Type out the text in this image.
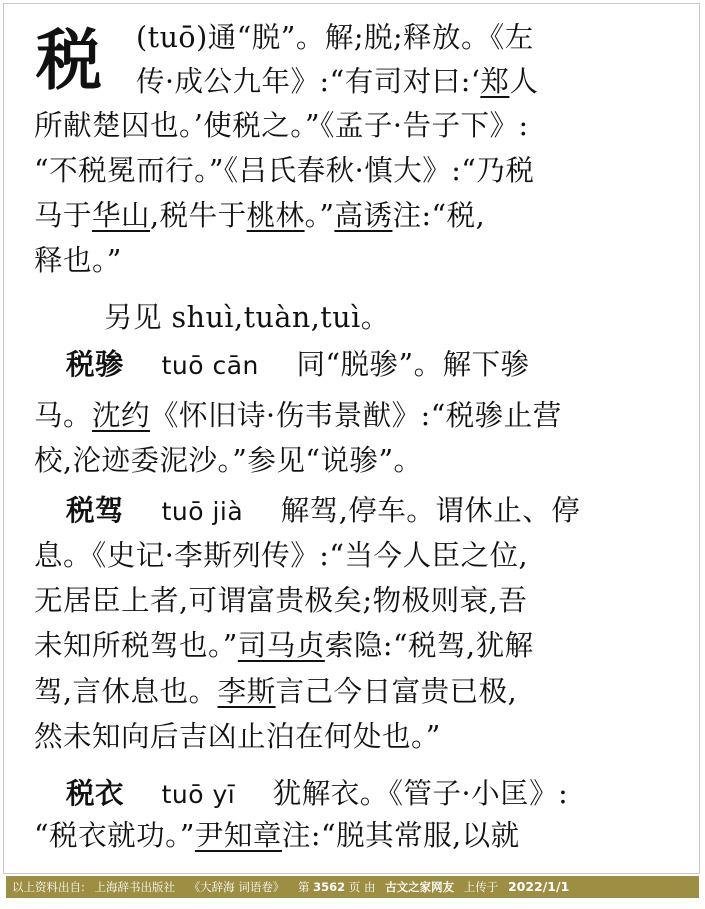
税 (tuō)通“脱”。解;脱;释放。《左
传·成公九年》:“有司对曰:‘郑人
所献楚囚也。’使税之。”《孟子·告子下》:
“不税冕而行。”《吕氏春秋·慎大》:“乃税
马于华山,税牛于桃林。”高诱注:“税,
释也。”
另见 shuì,tuàn,tuì。
税骖 tuō cān 同“脱骖”。解下骖
马。沈约《怀旧诗·伤韦景猷》:“税骖止营
校,沦迹委泥沙。”参见“说骖”。
税驾 tuō jià 解驾,停车。谓休止、停
息。《史记·李斯列传》:“当今人臣之位,
无居臣上者,可谓富贵极矣;物极则衰,吾
未知所税驾也。”司马贞索隐:“税驾,犹解
驾,言休息也。李斯言己今日富贵已极,
然未知向后吉凶止泊在何处也。”
税衣 tuō yī 犹解衣。《管子·小匡》:
“税衣就功。”尹知章注:“脱其常服,以就
以上资料出自: 上海辞书出版社 《大辞海 词语卷》 第 3562 页 由 古文之家网友 上传于 2022/1/1
